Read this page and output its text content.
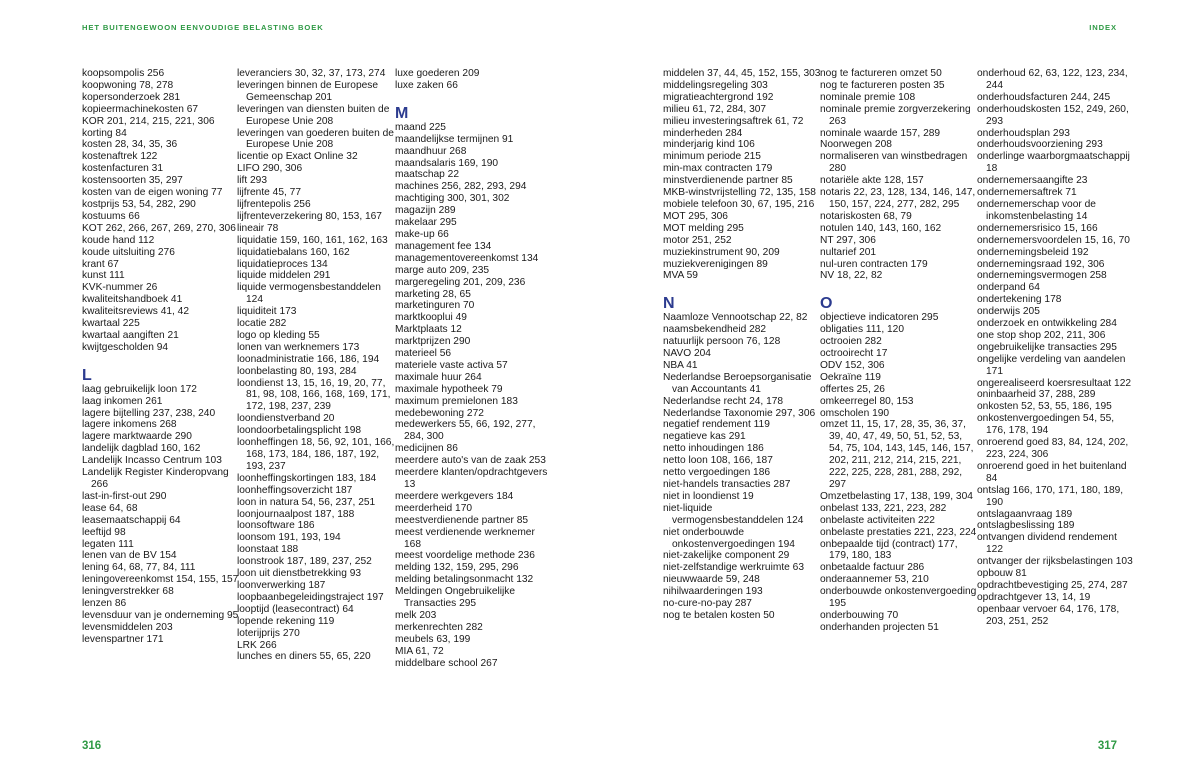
HET BUITENGEWOON EENVOUDIGE BELASTING BOEK	INDEX
koopsompolis 256
koopwoning 78, 278
kopersonderzoek 281
kopieermachinekosten 67
KOR 201, 214, 215, 221, 306
korting 84
kosten 28, 34, 35, 36
kostenaftrek 122
kostenfacturen 31
kostensoorten 35, 297
kosten van de eigen woning 77
kostprijs 53, 54, 282, 290
kostuums 66
KOT 262, 266, 267, 269, 270, 306
koude hand 112
koude uitsluiting 276
krant 67
kunst 111
KVK-nummer 26
kwaliteitshandboek 41
kwaliteitsreviews 41, 42
kwartaal 225
kwartaal aangiften 21
kwijtgescholden 94
L
laag gebruikelijk loon 172
laag inkomen 261
lagere bijtelling 237, 238, 240
lagere inkomens 268
lagere marktwaarde 290
landelijk dagblad 160, 162
Landelijk Incasso Centrum 103
Landelijk Register Kinderopvang 266
last-in-first-out 290
lease 64, 68
leasemaatschappij 64
leeftijd 98
legaten 111
lenen van de BV 154
lening 64, 68, 77, 84, 111
leningovereenkomst 154, 155, 157
leningverstrekker 68
lenzen 86
levensduur van je onderneming 95
levensmiddelen 203
levenspartner 171
leveranciers 30, 32, 37, 173, 274
leveringen binnen de Europese Gemeenschap 201
leveringen van diensten buiten de Europese Unie 208
leveringen van goederen buiten de Europese Unie 208
licentie op Exact Online 32
LIFO 290, 306
lift 293
lijfrente 45, 77
lijfrentepolis 256
lijfrenteverzekering 80, 153, 167
lineair 78
liquidatie 159, 160, 161, 162, 163
liquidatiebalans 160, 162
liquidatieproces 134
liquide middelen 291
liquide vermogensbestanddelen 124
liquiditeit 173
locatie 282
logo op kleding 55
lonen van werknemers 173
loonadministratie 166, 186, 194
loonbelasting 80, 193, 284
loondienst 13, 15, 16, 19, 20, 77, 81, 98, 108, 166, 168, 169, 171, 172, 198, 237, 239
loondienstverband 20
loondoorbetalingsplicht 198
loonheffingen 18, 56, 92, 101, 166, 168, 173, 184, 186, 187, 192, 193, 237
loonheffingskortingen 183, 184
loonheffingsoverzicht 187
loon in natura 54, 56, 237, 251
loonjournaalpost 187, 188
loonsoftware 186
loonsom 191, 193, 194
loonstaat 188
loonstrook 187, 189, 237, 252
loon uit dienstbetrekking 93
loonverwerking 187
loopbaanbegeleidingstraject 197
looptijd (leasecontract) 64
lopende rekening 119
loterijprijs 270
LRK 266
lunches en diners 55, 65, 220
luxe goederen 209
luxe zaken 66
M
maand 225
maandelijkse termijnen 91
maandhuur 268
maandsalaris 169, 190
maatschap 22
machines 256, 282, 293, 294
machtiging 300, 301, 302
magazijn 289
makelaar 295
make-up 66
management fee 134
managementovereenkomst 134
marge auto 209, 235
margeregeling 201, 209, 236
marketing 28, 65
marketinguren 70
marktkooplui 49
Marktplaats 12
marktprijzen 290
materieel 56
materiele vaste activa 57
maximale huur 264
maximale hypotheek 79
maximum premielonen 183
medebewoning 272
medewerkers 55, 66, 192, 277, 284, 300
medicijnen 86
meerdere auto's van de zaak 253
meerdere klanten/opdrachtgevers 13
meerdere werkgevers 184
meerderheid 170
meestverdienende partner 85
meest verdienende werknemer 168
meest voordelige methode 236
melding 132, 159, 295, 296
melding betalingsonmacht 132
Meldingen Ongebruikelijke Transacties 295
melk 203
merkenrechten 282
meubels 63, 199
MIA 61, 72
middelbare school 267
middelen 37, 44, 45, 152, 155, 303
middelingsregeling 303
migratieachtergrond 192
milieu 61, 72, 284, 307
milieu investeringsaftrek 61, 72
minderheden 284
minderjarig kind 106
minimum periode 215
min-max contracten 179
minstverdienende partner 85
MKB-winstvrijstelling 72, 135, 158
mobiele telefoon 30, 67, 195, 216
MOT 295, 306
MOT melding 295
motor 251, 252
muziekinstrument 90, 209
muziekverenigingen 89
MVA 59
N
Naamloze Vennootschap 22, 82
naamsbekendheid 282
natuurlijk persoon 76, 128
NAVO 204
NBA 41
Nederlandse Beroepsorganisatie van Accountants 41
Nederlandse recht 24, 178
Nederlandse Taxonomie 297, 306
negatief rendement 119
negatieve kas 291
netto inhoudingen 186
netto loon 108, 166, 187
netto vergoedingen 186
niet-handels transacties 287
niet in loondienst 19
niet-liquide vermogensbestanddelen 124
niet onderbouwde onkostenvergoedingen 194
niet-zakelijke component 29
niet-zelfstandige werkruimte 63
nieuwwaarde 59, 248
nihilwaarderingen 193
no-cure-no-pay 287
nog te betalen kosten 50
nog te factureren omzet 50
nog te factureren posten 35
nominale premie 108
nominale premie zorgverzekering 263
nominale waarde 157, 289
Noorwegen 208
normaliseren van winstbedragen 280
notariële akte 128, 157
notaris 22, 23, 128, 134, 146, 147, 150, 157, 224, 277, 282, 295
notariskosten 68, 79
notulen 140, 143, 160, 162
NT 297, 306
nultarief 201
nul-uren contracten 179
NV 18, 22, 82
O
objectieve indicatoren 295
obligaties 111, 120
octrooien 282
octrooirecht 17
ODV 152, 306
Oekraïne 119
offertes 25, 26
omkeerregel 80, 153
omscholen 190
omzet 11, 15, 17, 28, 35, 36, 37, 39, 40, 47, 49, 50, 51, 52, 53, 54, 75, 104, 143, 145, 146, 157, 202, 211, 212, 214, 215, 221, 222, 225, 228, 281, 288, 292, 297
Omzetbelasting 17, 138, 199, 304
onbelast 133, 221, 223, 282
onbelaste activiteiten 222
onbelaste prestaties 221, 223, 224
onbepaalde tijd (contract) 177, 179, 180, 183
onbetaalde factuur 286
onderaannemer 53, 210
onderbouwde onkostenvergoeding 195
onderbouwing 70
onderhanden projecten 51
onderhoud 62, 63, 122, 123, 234, 244
onderhoudsfacturen 244, 245
onderhoudskosten 152, 249, 260, 293
onderhoudsplan 293
onderhoudsvoorziening 293
onderlinge waarborgmaatschappij 18
ondernemersaangifte 23
ondernemersaftrek 71
ondernemerschap voor de inkomstenbelasting 14
ondernemersrisico 15, 166
ondernemersvoordelen 15, 16, 70
ondernemingsbeleid 192
ondernemingsraad 192, 306
ondernemingsvermogen 258
onderpand 64
ondertekening 178
onderwijs 205
onderzoek en ontwikkeling 284
one stop shop 202, 211, 306
ongebruikelijke transacties 295
ongelijke verdeling van aandelen 171
ongerealiseerd koersresultaat 122
oninbaarheid 37, 288, 289
onkosten 52, 53, 55, 186, 195
onkostenvergoedingen 54, 55, 176, 178, 194
onroerend goed 83, 84, 124, 202, 223, 224, 306
onroerend goed in het buitenland 84
ontslag 166, 170, 171, 180, 189, 190
ontslagaanvraag 189
ontslagbeslissing 189
ontvangen dividend rendement 122
ontvanger der rijksbelastingen 103
opbouw 81
opdrachtbevestiging 25, 274, 287
opdrachtgever 13, 14, 19
openbaar vervoer 64, 176, 178, 203, 251, 252
316	317
